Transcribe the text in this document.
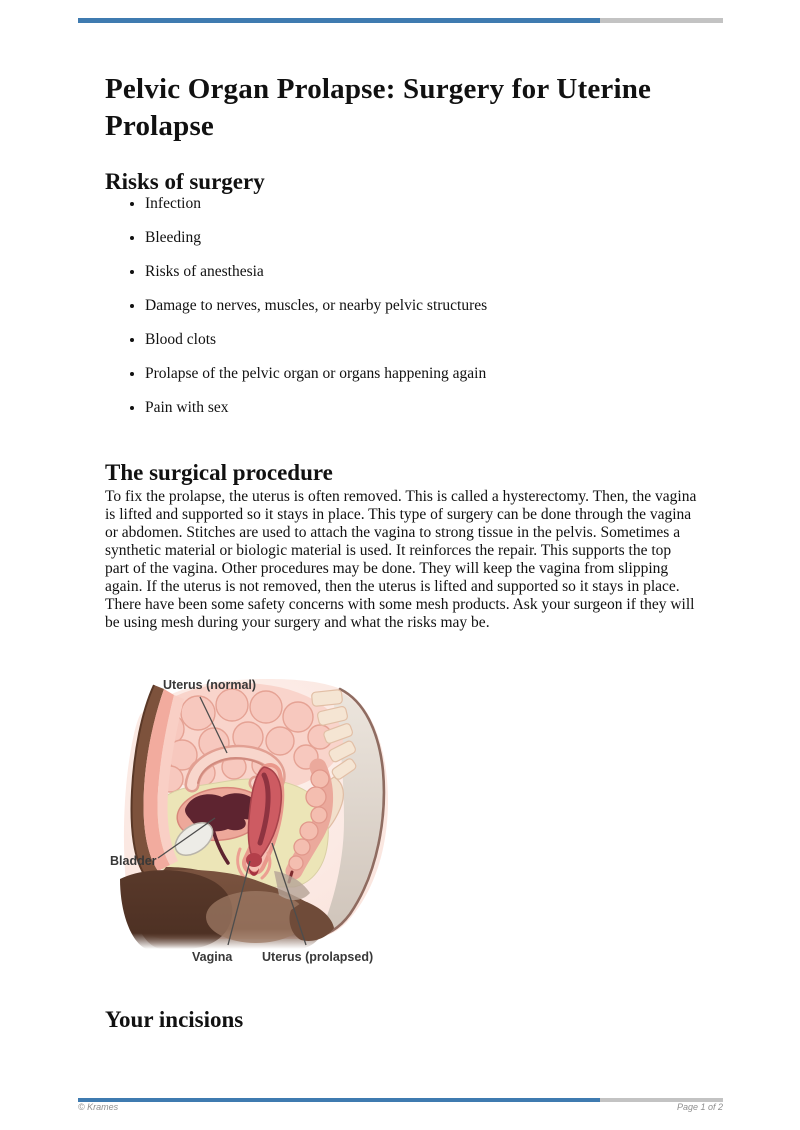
Pelvic Organ Prolapse: Surgery for Uterine Prolapse
Risks of surgery
• Infection
• Bleeding
• Risks of anesthesia
• Damage to nerves, muscles, or nearby pelvic structures
• Blood clots
• Prolapse of the pelvic organ or organs happening again
• Pain with sex
The surgical procedure

To fix the prolapse, the uterus is often removed. This is called a hysterectomy. Then, the vagina is lifted and supported so it stays in place. This type of surgery can be done through the vagina or abdomen. Stitches are used to attach the vagina to strong tissue in the pelvis. Sometimes a synthetic material or biologic material is used. It reinforces the repair. This supports the top part of the vagina. Other procedures may be done. They will keep the vagina from slipping again. If the uterus is not removed, then the uterus is lifted and supported so it stays in place. There have been some safety concerns with some mesh products. Ask your surgeon if they will be using mesh during your surgery and what the risks may be.

Uterus (normal)
Bladder
Vagina Uterus (prolapsed)
Your incisions
© Krames	Page 1 of 2
